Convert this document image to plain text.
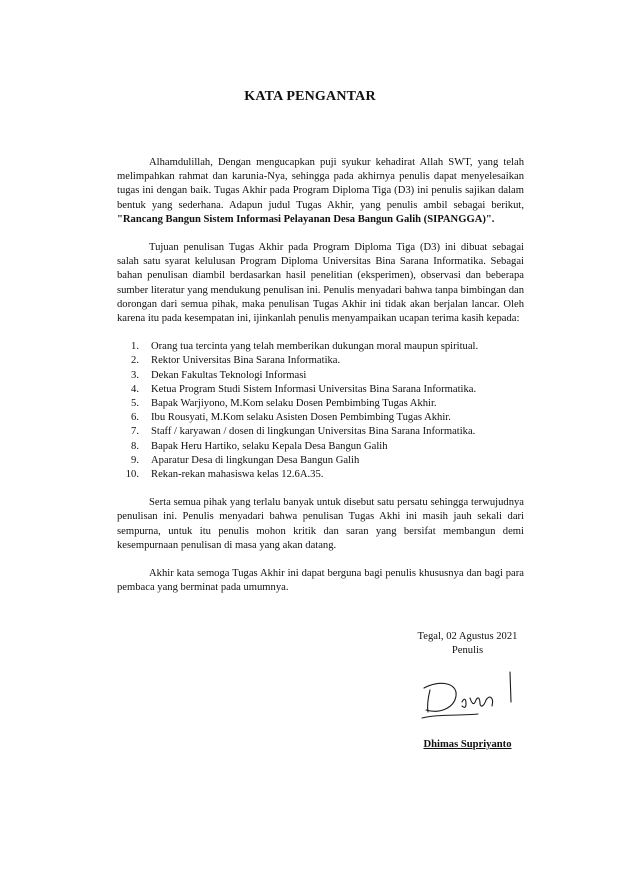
KATA PENGANTAR

Alhamdulillah, Dengan mengucapkan puji syukur kehadirat Allah SWT, yang telah melimpahkan rahmat dan karunia-Nya, sehingga pada akhirnya penulis dapat menyelesaikan tugas ini dengan baik. Tugas Akhir pada Program Diploma Tiga (D3) ini penulis sajikan dalam bentuk yang sederhana. Adapun judul Tugas Akhir, yang penulis ambil sebagai berikut, "Rancang Bangun Sistem Informasi Pelayanan Desa Bangun Galih (SIPANGGA)".

Tujuan penulisan Tugas Akhir pada Program Diploma Tiga (D3) ini dibuat sebagai salah satu syarat kelulusan Program Diploma Universitas Bina Sarana Informatika. Sebagai bahan penulisan diambil berdasarkan hasil penelitian (eksperimen), observasi dan beberapa sumber literatur yang mendukung penulisan ini. Penulis menyadari bahwa tanpa bimbingan dan dorongan dari semua pihak, maka penulisan Tugas Akhir ini tidak akan berjalan lancar. Oleh karena itu pada kesempatan ini, ijinkanlah penulis menyampaikan ucapan terima kasih kepada:

1. Orang tua tercinta yang telah memberikan dukungan moral maupun spiritual.
2. Rektor Universitas Bina Sarana Informatika.
3. Dekan Fakultas Teknologi Informasi
4. Ketua Program Studi Sistem Informasi Universitas Bina Sarana Informatika.
5. Bapak Warjiyono, M.Kom selaku Dosen Pembimbing Tugas Akhir.
6. Ibu Rousyati, M.Kom selaku Asisten Dosen Pembimbing Tugas Akhir.
7. Staff / karyawan / dosen di lingkungan Universitas Bina Sarana Informatika.
8. Bapak Heru Hartiko, selaku Kepala Desa Bangun Galih
9. Aparatur Desa di lingkungan Desa Bangun Galih
10. Rekan-rekan mahasiswa kelas 12.6A.35.

Serta semua pihak yang terlalu banyak untuk disebut satu persatu sehingga terwujudnya penulisan ini. Penulis menyadari bahwa penulisan Tugas Akhi ini masih jauh sekali dari sempurna, untuk itu penulis mohon kritik dan saran yang bersifat membangun demi kesempurnaan penulisan di masa yang akan datang.

Akhir kata semoga Tugas Akhir ini dapat berguna bagi penulis khususnya dan bagi para pembaca yang berminat pada umumnya.

Tegal, 02 Agustus 2021
Penulis
Dhimas Supriyanto
